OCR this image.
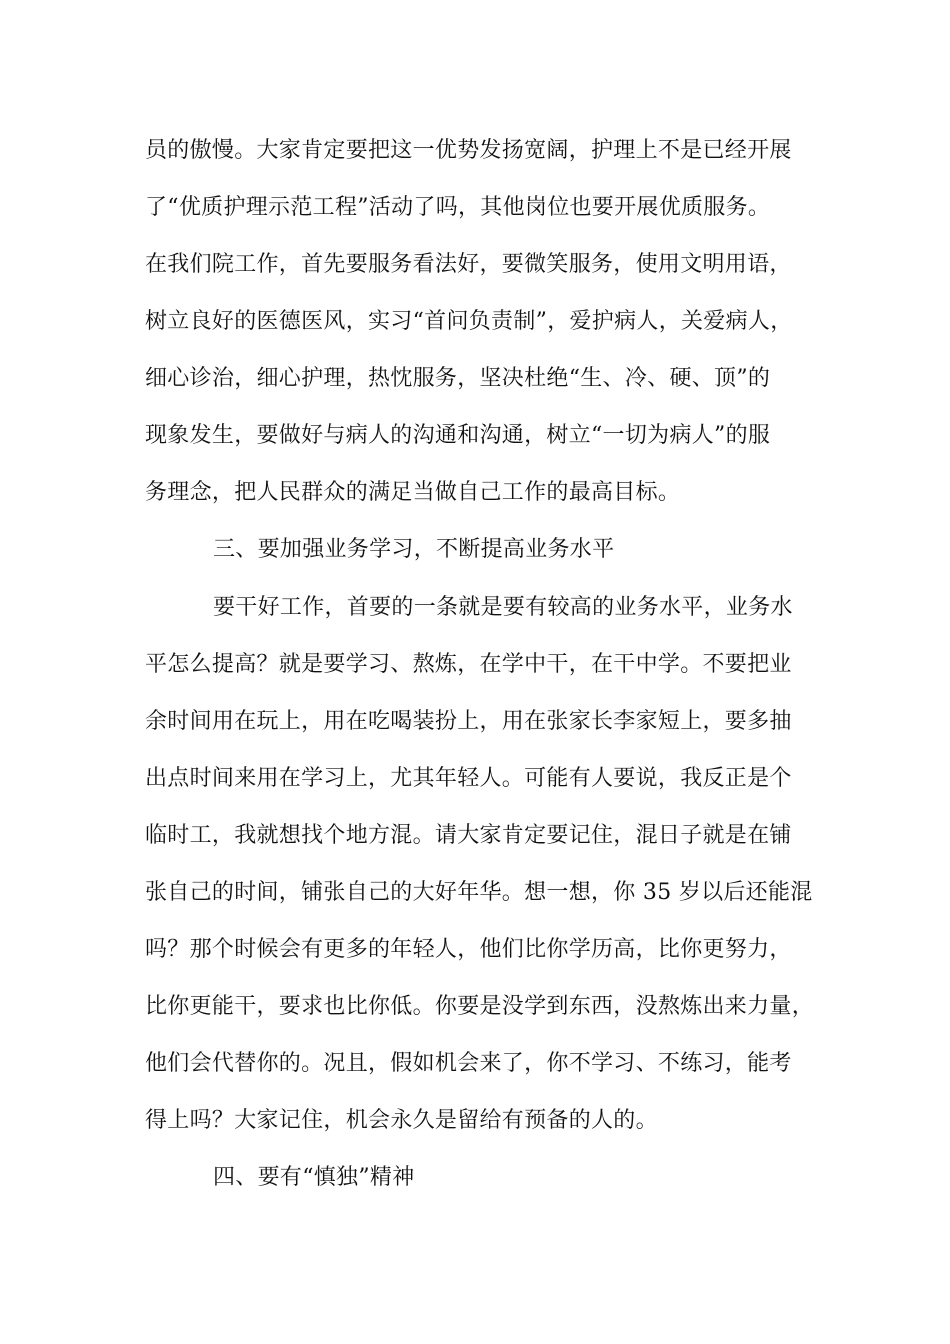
员的傲慢。大家肯定要把这一优势发扬宽阔，护理上不是已经开展
了“优质护理示范工程”活动了吗，其他岗位也要开展优质服务。
在我们院工作，首先要服务看法好，要微笑服务，使用文明用语，
树立良好的医德医风，实习“首问负责制”，爱护病人，关爱病人，
细心诊治，细心护理，热忱服务，坚决杜绝“生、冷、硬、顶”的
现象发生，要做好与病人的沟通和沟通，树立“一切为病人”的服
务理念，把人民群众的满足当做自己工作的最高目标。
三、要加强业务学习，不断提高业务水平
要干好工作，首要的一条就是要有较高的业务水平，业务水
平怎么提高？就是要学习、熬炼，在学中干，在干中学。不要把业
余时间用在玩上，用在吃喝装扮上，用在张家长李家短上，要多抽
出点时间来用在学习上，尤其年轻人。可能有人要说，我反正是个
临时工，我就想找个地方混。请大家肯定要记住，混日子就是在铺
张自己的时间，铺张自己的大好年华。想一想，你 35 岁以后还能混
吗？那个时候会有更多的年轻人，他们比你学历高，比你更努力，
比你更能干，要求也比你低。你要是没学到东西，没熬炼出来力量，
他们会代替你的。况且，假如机会来了，你不学习、不练习，能考
得上吗？大家记住，机会永久是留给有预备的人的。
四、要有“慎独”精神
